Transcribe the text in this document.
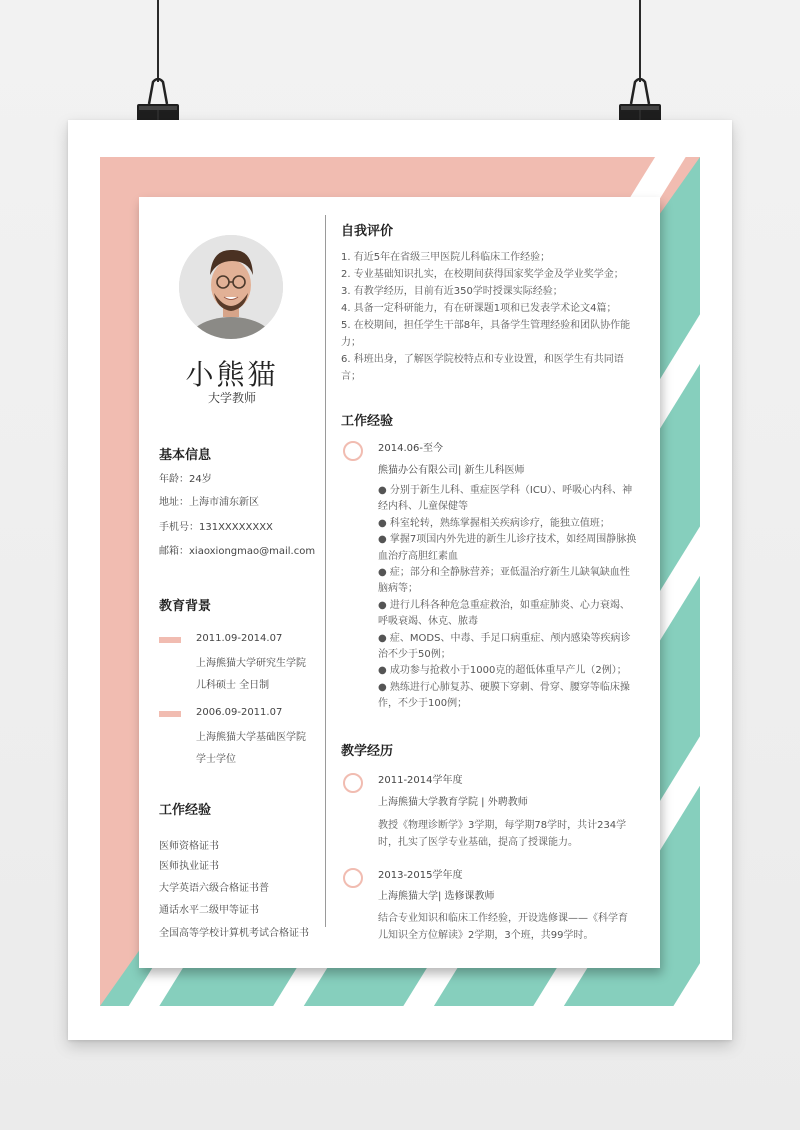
小熊猫
大学教师
基本信息
年龄：24岁
地址：上海市浦东新区
手机号：131XXXXXXXX
邮箱：xiaoxiongmao@mail.com
教育背景
2011.09-2014.07
上海熊猫大学研究生学院
儿科硕士 全日制
2006.09-2011.07
上海熊猫大学基础医学院
学士学位
工作经验
医师资格证书
医师执业证书
大学英语六级合格证书普
通话水平二级甲等证书
全国高等学校计算机考试合格证书
自我评价
1. 有近5年在省级三甲医院儿科临床工作经验；
2. 专业基础知识扎实，在校期间获得国家奖学金及学业奖学金；
3. 有教学经历，目前有近350学时授课实际经验；
4. 具备一定科研能力，有在研课题1项和已发表学术论文4篇；
5. 在校期间，担任学生干部8年，具备学生管理经验和团队协作能
力；
6. 科班出身，了解医学院校特点和专业设置，和医学生有共同语
言；
工作经验
2014.06-至今
熊猫办公有限公司| 新生儿科医师
● 分别于新生儿科、重症医学科（ICU）、呼吸心内科、神
经内科、儿童保健等
● 科室轮转，熟练掌握相关疾病诊疗，能独立值班；
● 掌握7项国内外先进的新生儿诊疗技术，如经周围静脉换
血治疗高胆红素血
● 症；部分和全静脉营养；亚低温治疗新生儿缺氧缺血性
脑病等；
● 进行儿科各种危急重症救治，如重症肺炎、心力衰竭、
呼吸衰竭、休克、脓毒
● 症、MODS、中毒、手足口病重症、颅内感染等疾病诊
治不少于50例；
● 成功参与抢救小于1000克的超低体重早产儿（2例）；
● 熟练进行心肺复苏、硬膜下穿刺、骨穿、腰穿等临床操
作，不少于100例；
教学经历
2011-2014学年度
上海熊猫大学教育学院 | 外聘教师
教授《物理诊断学》3学期，每学期78学时，共计234学
时，扎实了医学专业基础，提高了授课能力。
2013-2015学年度
上海熊猫大学| 选修课教师
结合专业知识和临床工作经验，开设选修课——《科学育
儿知识全方位解读》2学期，3个班，共99学时。
